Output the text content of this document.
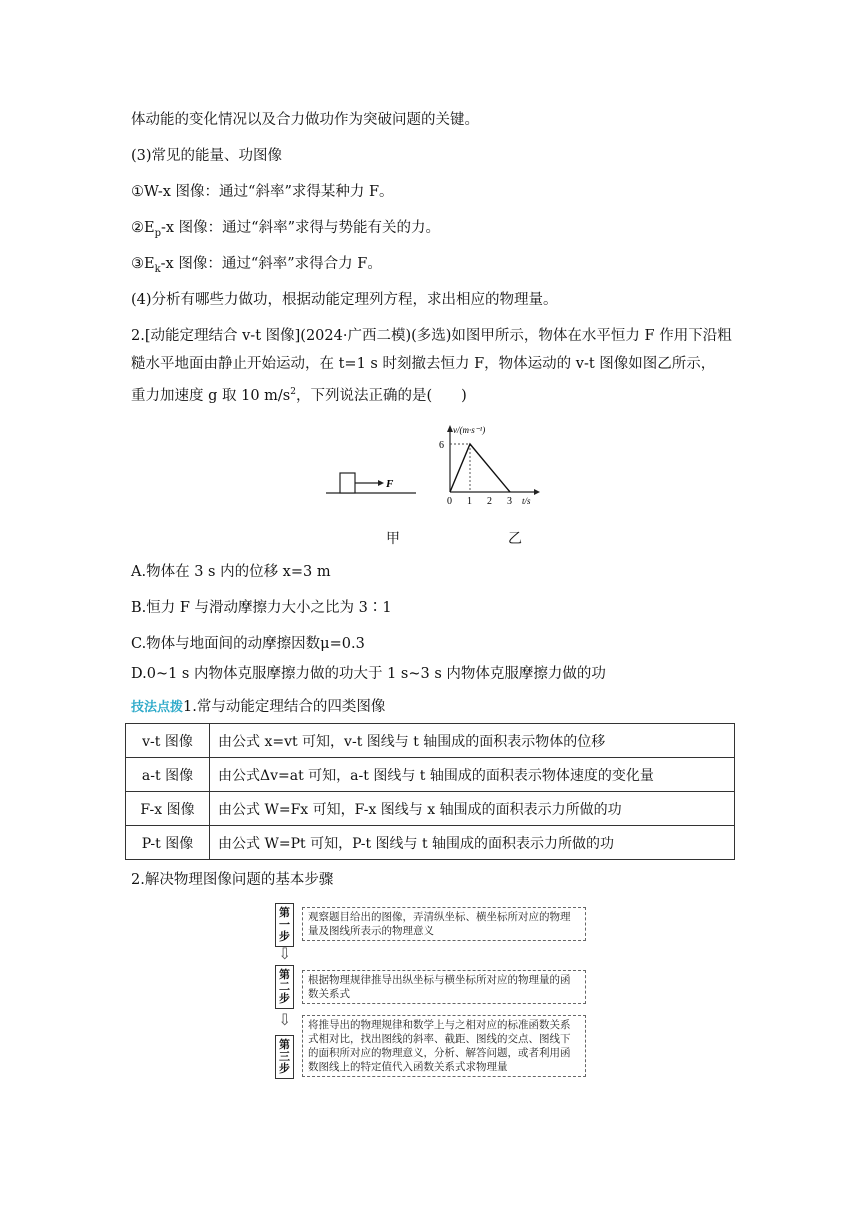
体动能的变化情况以及合力做功作为突破问题的关键。
(3)常见的能量、功图像
①W-x 图像：通过“斜率”求得某种力 F。
$②E_p-x$ 图像：通过“斜率”求得与势能有关的力。
$③E_k-x$ 图像：通过“斜率”求得合力 F。
(4)分析有哪些力做功，根据动能定理列方程，求出相应的物理量。
2.[动能定理结合 v-t 图像](2024·广西二模)(多选)如图甲所示，物体在水平恒力 F 作用下沿粗
糙水平地面由静止开始运动，在 t=1 s 时刻撤去恒力 F，物体运动的 v-t 图像如图乙所示，
重力加速度 g 取 10 $m/s^2$，下列说法正确的是(　　)
F
v/(m·s⁻¹)
t/s
0 1 2 3
6
甲	乙
A.物体在 3 s 内的位移 x=3 m
B.恒力 F 与滑动摩擦力大小之比为 3∶1
C.物体与地面间的动摩擦因数μ=0.3
D.0~1 s 内物体克服摩擦力做的功大于 1 s~3 s 内物体克服摩擦力做的功
技法点拨1.常与动能定理结合的四类图像
v-t 图像	由公式 x=vt 可知，v-t 图线与 t 轴围成的面积表示物体的位移
a-t 图像	由公式Δv=at 可知，a-t 图线与 t 轴围成的面积表示物体速度的变化量
F-x 图像	由公式 W=Fx 可知，F-x 图线与 x 轴围成的面积表示力所做的功
P-t 图像	由公式 W=Pt 可知，P-t 图线与 t 轴围成的面积表示力所做的功
2.解决物理图像问题的基本步骤
第一步
观察题目给出的图像，弄清纵坐标、横坐标所对应的物理量及图线所表示的物理意义
⇩
第二步
根据物理规律推导出纵坐标与横坐标所对应的物理量的函数关系式
⇩
第三步
将推导出的物理规律和数学上与之相对应的标准函数关系式相对比，找出图线的斜率、截距、图线的交点、图线下的面积所对应的物理意义，分析、解答问题，或者利用函数图线上的特定值代入函数关系式求物理量
